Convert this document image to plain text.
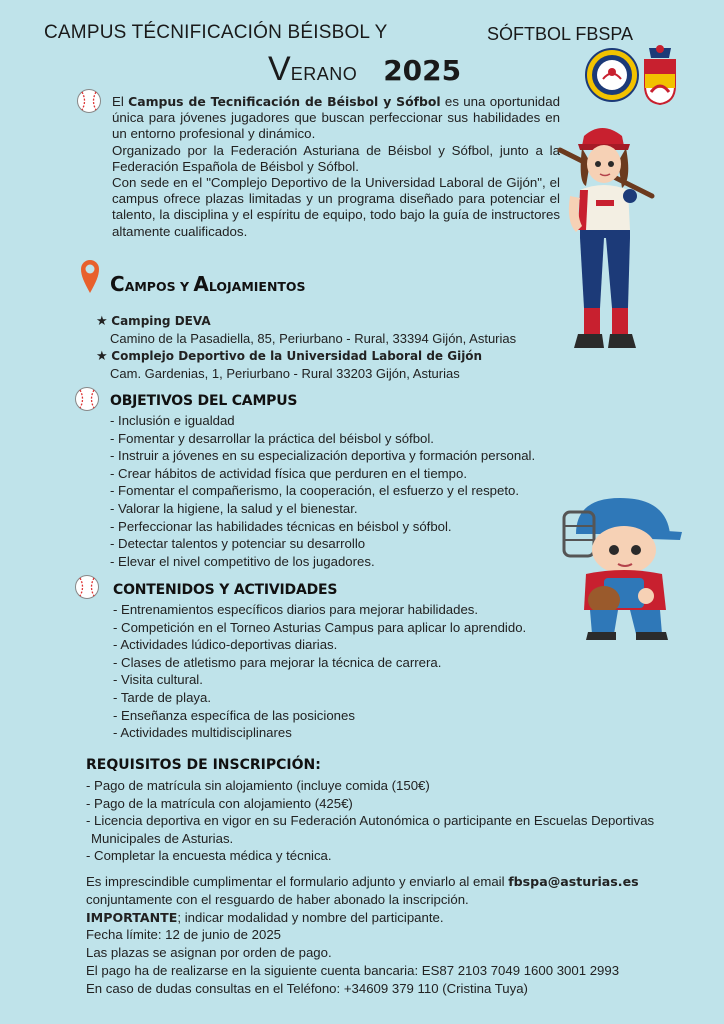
CAMPUS TÉCNIFICACIÓN BÉISBOL Y	SÓFTBOL FBSPA
VERANO 2025

El Campus de Tecnificación de Béisbol y Sófbol es una oportunidad única para jóvenes jugadores que buscan perfeccionar sus habilidades en un entorno profesional y dinámico.

Organizado por la Federación Asturiana de Béisbol y Sófbol, junto a la Federación Española de Béisbol y Sófbol.

Con sede en el "Complejo Deportivo de la Universidad Laboral de Gijón", el campus ofrece plazas limitadas y un programa diseñado para potenciar el talento, la disciplina y el espíritu de equipo, todo bajo la guía de instructores altamente cualificados.

CAMPOS Y ALOJAMIENTOS
★ Camping DEVA
Camino de la Pasadiella, 85, Periurbano - Rural, 33394 Gijón, Asturias
★ Complejo Deportivo de la Universidad Laboral de Gijón
Cam. Gardenias, 1, Periurbano - Rural 33203 Gijón, Asturias
OBJETIVOS DEL CAMPUS
- Inclusión e igualdad
- Fomentar y desarrollar la práctica del béisbol y sófbol.
- Instruir a jóvenes en su especialización deportiva y formación personal.
- Crear hábitos de actividad física que perduren en el tiempo.
- Fomentar el compañerismo, la cooperación, el esfuerzo y el respeto.
- Valorar la higiene, la salud y el bienestar.
- Perfeccionar las habilidades técnicas en béisbol y sófbol.
- Detectar talentos y potenciar su desarrollo
- Elevar el nivel competitivo de los jugadores.
CONTENIDOS Y ACTIVIDADES
- Entrenamientos específicos diarios para mejorar habilidades.
- Competición en el Torneo Asturias Campus para aplicar lo aprendido.
- Actividades lúdico-deportivas diarias.
- Clases de atletismo para mejorar la técnica de carrera.
- Visita cultural.
- Tarde de playa.
- Enseñanza específica de las posiciones
- Actividades multidisciplinares
REQUISITOS DE INSCRIPCIÓN:
- Pago de matrícula sin alojamiento (incluye comida (150€)
- Pago de la matrícula con alojamiento (425€)
- Licencia deportiva en vigor en su Federación Autonómica o participante en Escuelas Deportivas
Municipales de Asturias.
- Completar la encuesta médica y técnica.
Es imprescindible cumplimentar el formulario adjunto y enviarlo al email fbspa@asturias.es
conjuntamente con el resguardo de haber abonado la inscripción.
IMPORTANTE; indicar modalidad y nombre del participante.
Fecha límite: 12 de junio de 2025
Las plazas se asignan por orden de pago.
El pago ha de realizarse en la siguiente cuenta bancaria: ES87 2103 7049 1600 3001 2993
En caso de dudas consultas en el Teléfono: +34609 379 110 (Cristina Tuya)
